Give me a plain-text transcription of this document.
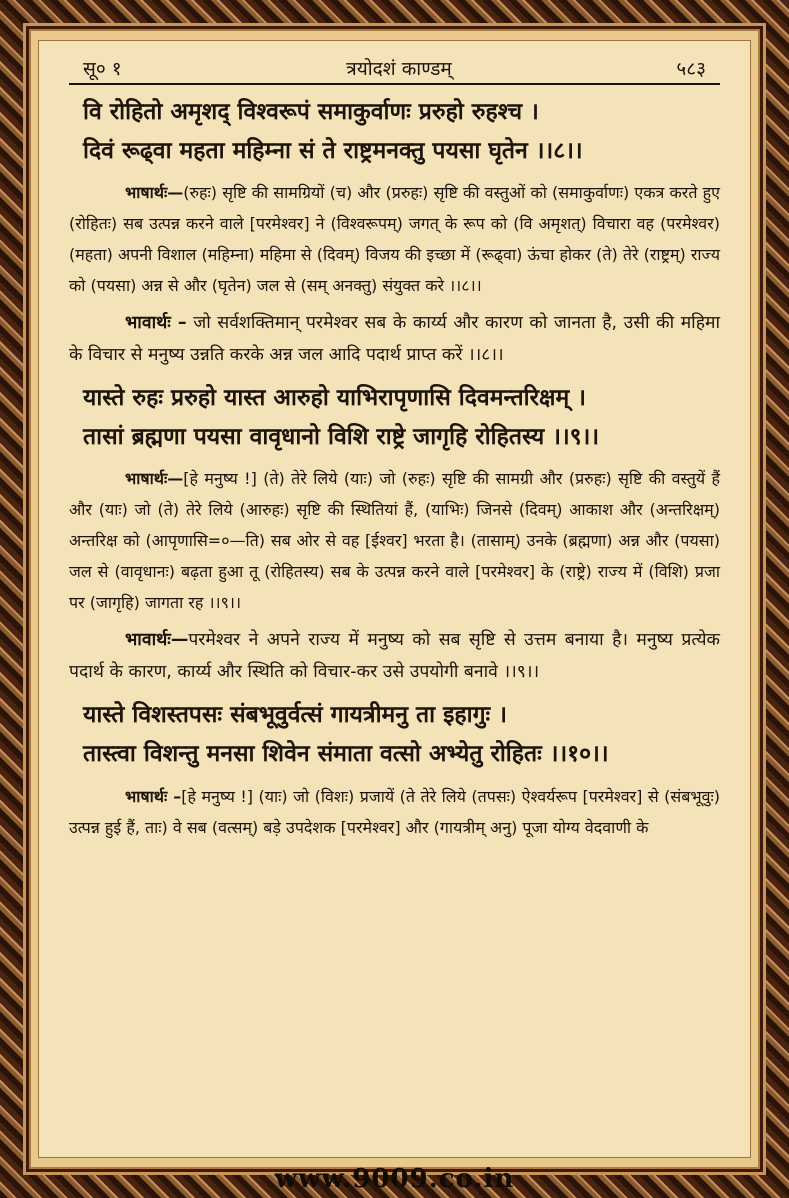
सू० १	त्रयोदशं काण्डम्	५८३

वि रोहितो अमृशद् विश्वरूपं समाकुर्वाणः प्ररुहो रुहश्च ।

दिवं रूढ्वा महता महिम्ना सं ते राष्ट्रमनक्तु पयसा घृतेन ।।८।।

भाषार्थः—(रुहः) सृष्टि की सामग्रियों (च) और (प्ररुहः) सृष्टि की वस्तुओं को (समाकुर्वाणः) एकत्र करते हुए (रोहितः) सब उत्पन्न करने वाले [परमेश्वर] ने (विश्वरूपम्) जगत् के रूप को (वि अमृशत्) विचारा वह (परमेश्वर) (महता) अपनी विशाल (महिम्ना) महिमा से (दिवम्) विजय की इच्छा में (रूढ्वा) ऊंचा होकर (ते) तेरे (राष्ट्रम्) राज्य को (पयसा) अन्न से और (घृतेन) जल से (सम् अनक्तु) संयुक्त करे ।।८।।

भावार्थः – जो सर्वशक्तिमान् परमेश्वर सब के कार्य्य और कारण को जानता है, उसी की महिमा के विचार से मनुष्य उन्नति करके अन्न जल आदि पदार्थ प्राप्त करें ।।८।।

यास्ते रुहः प्ररुहो यास्त आरुहो याभिरापृणासि दिवमन्तरिक्षम् ।

तासां ब्रह्मणा पयसा वावृधानो विशि राष्ट्रे जागृहि रोहितस्य ।।९।।

भाषार्थः—[हे मनुष्य !] (ते) तेरे लिये (याः) जो (रुहः) सृष्टि की सामग्री और (प्ररुहः) सृष्टि की वस्तुयें हैं और (याः) जो (ते) तेरे लिये (आरुहः) सृष्टि की स्थितियां हैं, (याभिः) जिनसे (दिवम्) आकाश और (अन्तरिक्षम्) अन्तरिक्ष को (आपृणासि=०—ति) सब ओर से वह [ईश्वर] भरता है। (तासाम्) उनके (ब्रह्मणा) अन्न और (पयसा) जल से (वावृधानः) बढ़ता हुआ तू (रोहितस्य) सब के उत्पन्न करने वाले [परमेश्वर] के (राष्ट्रे) राज्य में (विशि) प्रजा पर (जागृहि) जागता रह ।।९।।

भावार्थः—परमेश्वर ने अपने राज्य में मनुष्य को सब सृष्टि से उत्तम बनाया है। मनुष्य प्रत्येक पदार्थ के कारण, कार्य्य और स्थिति को विचार-कर उसे उपयोगी बनावे ।।९।।

यास्ते विशस्तपसः संबभूवुर्वत्सं गायत्रीमनु ता इहागुः ।

तास्त्वा विशन्तु मनसा शिवेन संमाता वत्सो अभ्येतु रोहितः ।।१०।।

भाषार्थः –[हे मनुष्य !] (याः) जो (विशः) प्रजायें (ते तेरे लिये (तपसः) ऐश्वर्यरूप [परमेश्वर] से (संबभूवुः) उत्पन्न हुई हैं, ताः) वे सब (वत्सम्) बड़े उपदेशक [परमेश्वर] और (गायत्रीम् अनु) पूजा योग्य वेदवाणी के

www.9009.co.in
